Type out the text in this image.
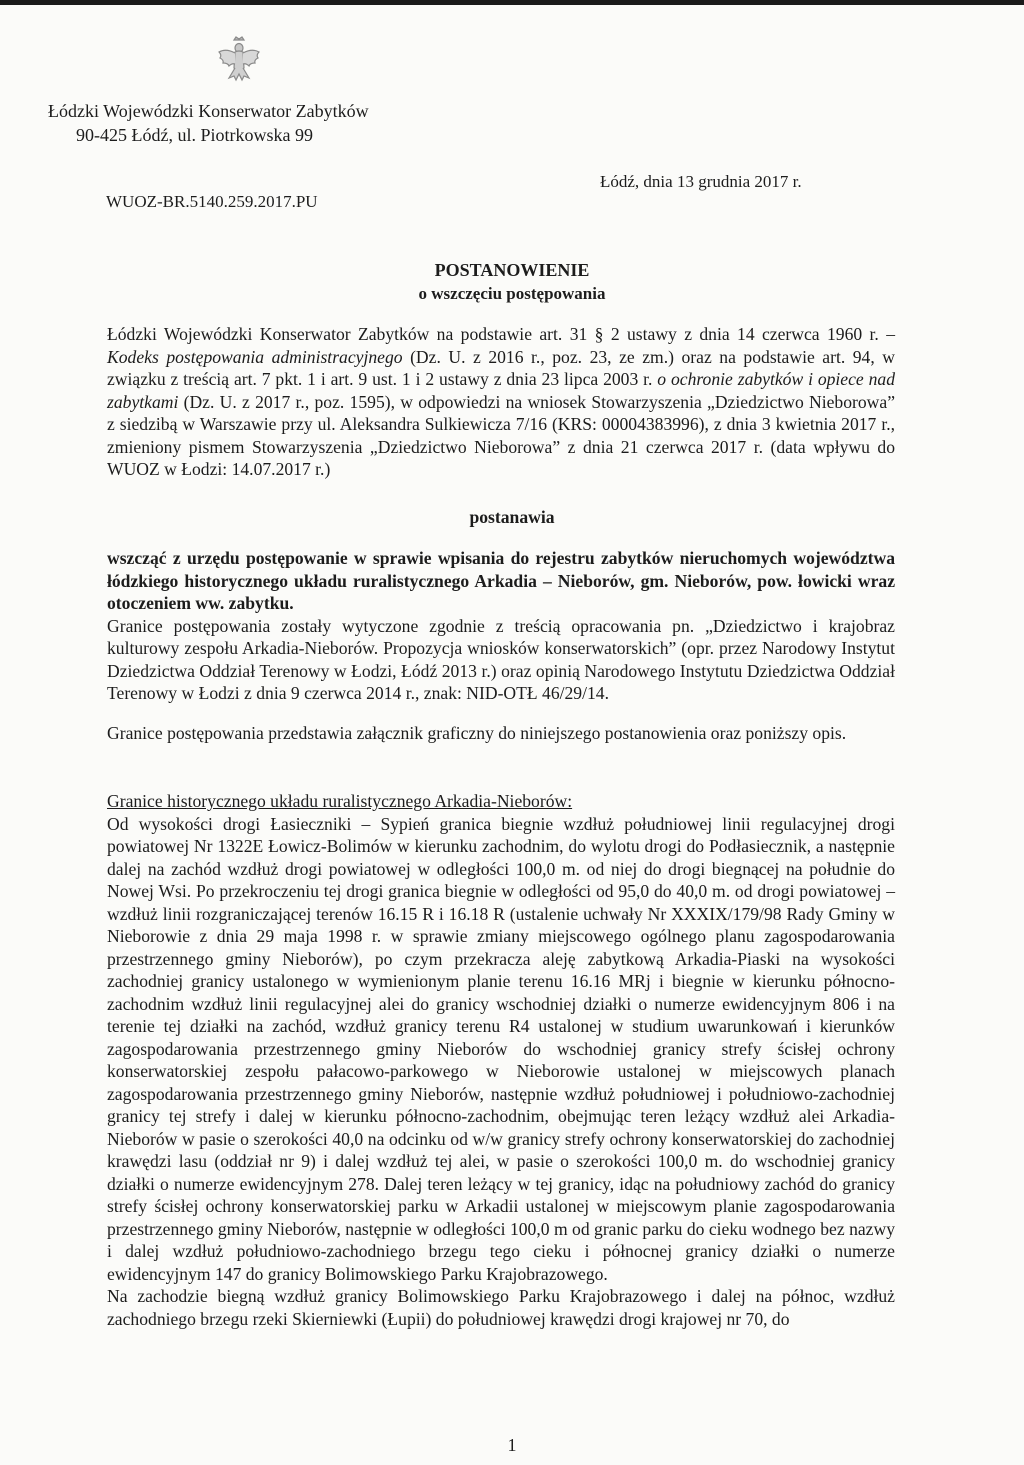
Łódzki Wojewódzki Konserwator Zabytków
90-425 Łódź, ul. Piotrkowska 99
WUOZ-BR.5140.259.2017.PU
Łódź, dnia 13 grudnia 2017 r.
POSTANOWIENIE
o wszczęciu postępowania

Łódzki Wojewódzki Konserwator Zabytków na podstawie art. 31 § 2 ustawy z dnia 14 czerwca 1960 r. – Kodeks postępowania administracyjnego (Dz. U. z 2016 r., poz. 23, ze zm.) oraz na podstawie art. 94, w związku z treścią art. 7 pkt. 1 i art. 9 ust. 1 i 2 ustawy z dnia 23 lipca 2003 r. o ochronie zabytków i opiece nad zabytkami (Dz. U. z 2017 r., poz. 1595), w odpowiedzi na wniosek Stowarzyszenia „Dziedzictwo Nieborowa” z siedzibą w Warszawie przy ul. Aleksandra Sulkiewicza 7/16 (KRS: 00004383996), z dnia 3 kwietnia 2017 r., zmieniony pismem Stowarzyszenia „Dziedzictwo Nieborowa” z dnia 21 czerwca 2017 r. (data wpływu do WUOZ w Łodzi: 14.07.2017 r.)

postanawia

wszcząć z urzędu postępowanie w sprawie wpisania do rejestru zabytków nieruchomych województwa łódzkiego historycznego układu ruralistycznego Arkadia – Nieborów, gm. Nieborów, pow. łowicki wraz otoczeniem ww. zabytku.

Granice postępowania zostały wytyczone zgodnie z treścią opracowania pn. „Dziedzictwo i krajobraz kulturowy zespołu Arkadia-Nieborów. Propozycja wniosków konserwatorskich” (opr. przez Narodowy Instytut Dziedzictwa Oddział Terenowy w Łodzi, Łódź 2013 r.) oraz opinią Narodowego Instytutu Dziedzictwa Oddział Terenowy w Łodzi z dnia 9 czerwca 2014 r., znak: NID-OTŁ 46/29/14.

Granice postępowania przedstawia załącznik graficzny do niniejszego postanowienia oraz poniższy opis.

Granice historycznego układu ruralistycznego Arkadia-Nieborów:

Od wysokości drogi Łasieczniki – Sypień granica biegnie wzdłuż południowej linii regulacyjnej drogi powiatowej Nr 1322E Łowicz-Bolimów w kierunku zachodnim, do wylotu drogi do Podłasiecznik, a następnie dalej na zachód wzdłuż drogi powiatowej w odległości 100,0 m. od niej do drogi biegnącej na południe do Nowej Wsi. Po przekroczeniu tej drogi granica biegnie w odległości od 95,0 do 40,0 m. od drogi powiatowej – wzdłuż linii rozgraniczającej terenów 16.15 R i 16.18 R (ustalenie uchwały Nr XXXIX/179/98 Rady Gminy w Nieborowie z dnia 29 maja 1998 r. w sprawie zmiany miejscowego ogólnego planu zagospodarowania przestrzennego gminy Nieborów), po czym przekracza aleję zabytkową Arkadia-Piaski na wysokości zachodniej granicy ustalonego w wymienionym planie terenu 16.16 MRj i biegnie w kierunku północno-zachodnim wzdłuż linii regulacyjnej alei do granicy wschodniej działki o numerze ewidencyjnym 806 i na terenie tej działki na zachód, wzdłuż granicy terenu R4 ustalonej w studium uwarunkowań i kierunków zagospodarowania przestrzennego gminy Nieborów do wschodniej granicy strefy ścisłej ochrony konserwatorskiej zespołu pałacowo-parkowego w Nieborowie ustalonej w miejscowych planach zagospodarowania przestrzennego gminy Nieborów, następnie wzdłuż południowej i południowo-zachodniej granicy tej strefy i dalej w kierunku północno-zachodnim, obejmując teren leżący wzdłuż alei Arkadia-Nieborów w pasie o szerokości 40,0 na odcinku od w/w granicy strefy ochrony konserwatorskiej do zachodniej krawędzi lasu (oddział nr 9) i dalej wzdłuż tej alei, w pasie o szerokości 100,0 m. do wschodniej granicy działki o numerze ewidencyjnym 278. Dalej teren leżący w tej granicy, idąc na południowy zachód do granicy strefy ścisłej ochrony konserwatorskiej parku w Arkadii ustalonej w miejscowym planie zagospodarowania przestrzennego gminy Nieborów, następnie w odległości 100,0 m od granic parku do cieku wodnego bez nazwy i dalej wzdłuż południowo-zachodniego brzegu tego cieku i północnej granicy działki o numerze ewidencyjnym 147 do granicy Bolimowskiego Parku Krajobrazowego.

Na zachodzie biegną wzdłuż granicy Bolimowskiego Parku Krajobrazowego i dalej na północ, wzdłuż zachodniego brzegu rzeki Skierniewki (Łupii) do południowej krawędzi drogi krajowej nr 70, do

1
